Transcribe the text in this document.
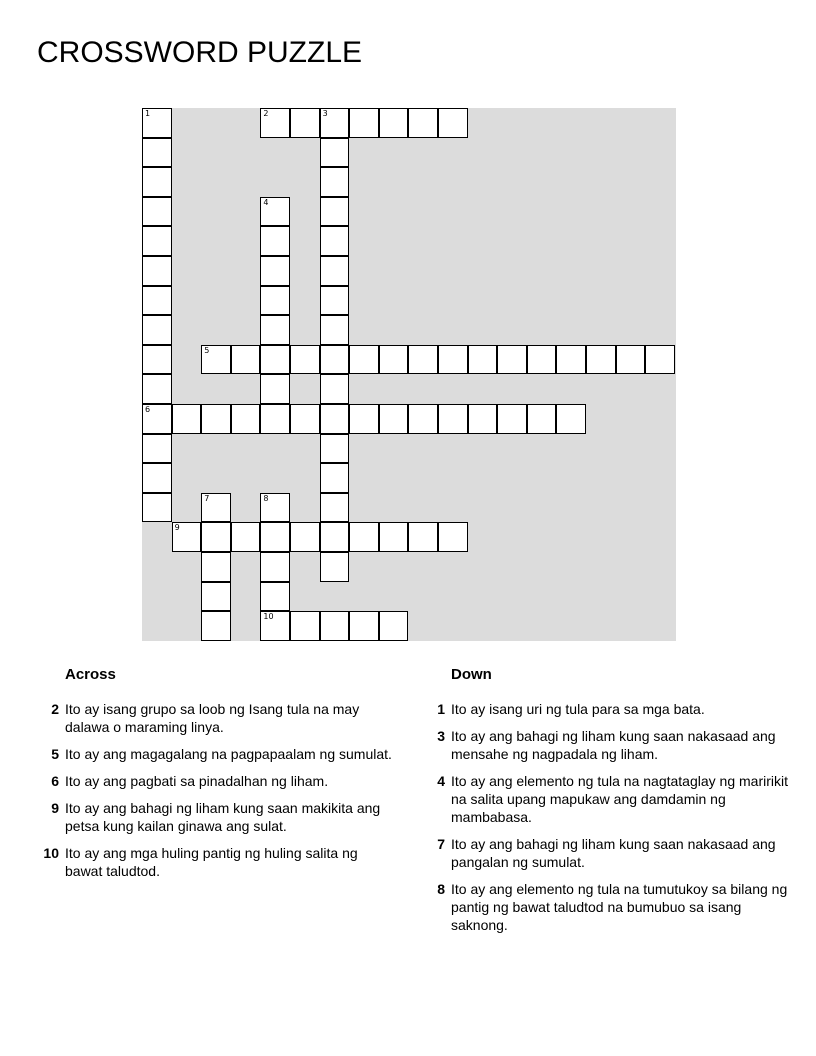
CROSSWORD PUZZLE
1
6
2	3
4
5
7	8
10
9
Across
2 Ito ay isang grupo sa loob ng Isang tula na may dalawa o maraming linya.
5 Ito ay ang magagalang na pagpapaalam ng sumulat.
6 Ito ay ang pagbati sa pinadalhan ng liham.
9 Ito ay ang bahagi ng liham kung saan makikita ang petsa kung kailan ginawa ang sulat.
10 Ito ay ang mga huling pantig ng huling salita ng bawat taludtod.
Down
1 Ito ay isang uri ng tula para sa mga bata.
3 Ito ay ang bahagi ng liham kung saan nakasaad ang mensahe ng nagpadala ng liham.
4 Ito ay ang elemento ng tula na nagtataglay ng maririkit na salita upang mapukaw ang damdamin ng mambabasa.
7 Ito ay ang bahagi ng liham kung saan nakasaad ang pangalan ng sumulat.
8 Ito ay ang elemento ng tula na tumutukoy sa bilang ng pantig ng bawat taludtod na bumubuo sa isang saknong.
